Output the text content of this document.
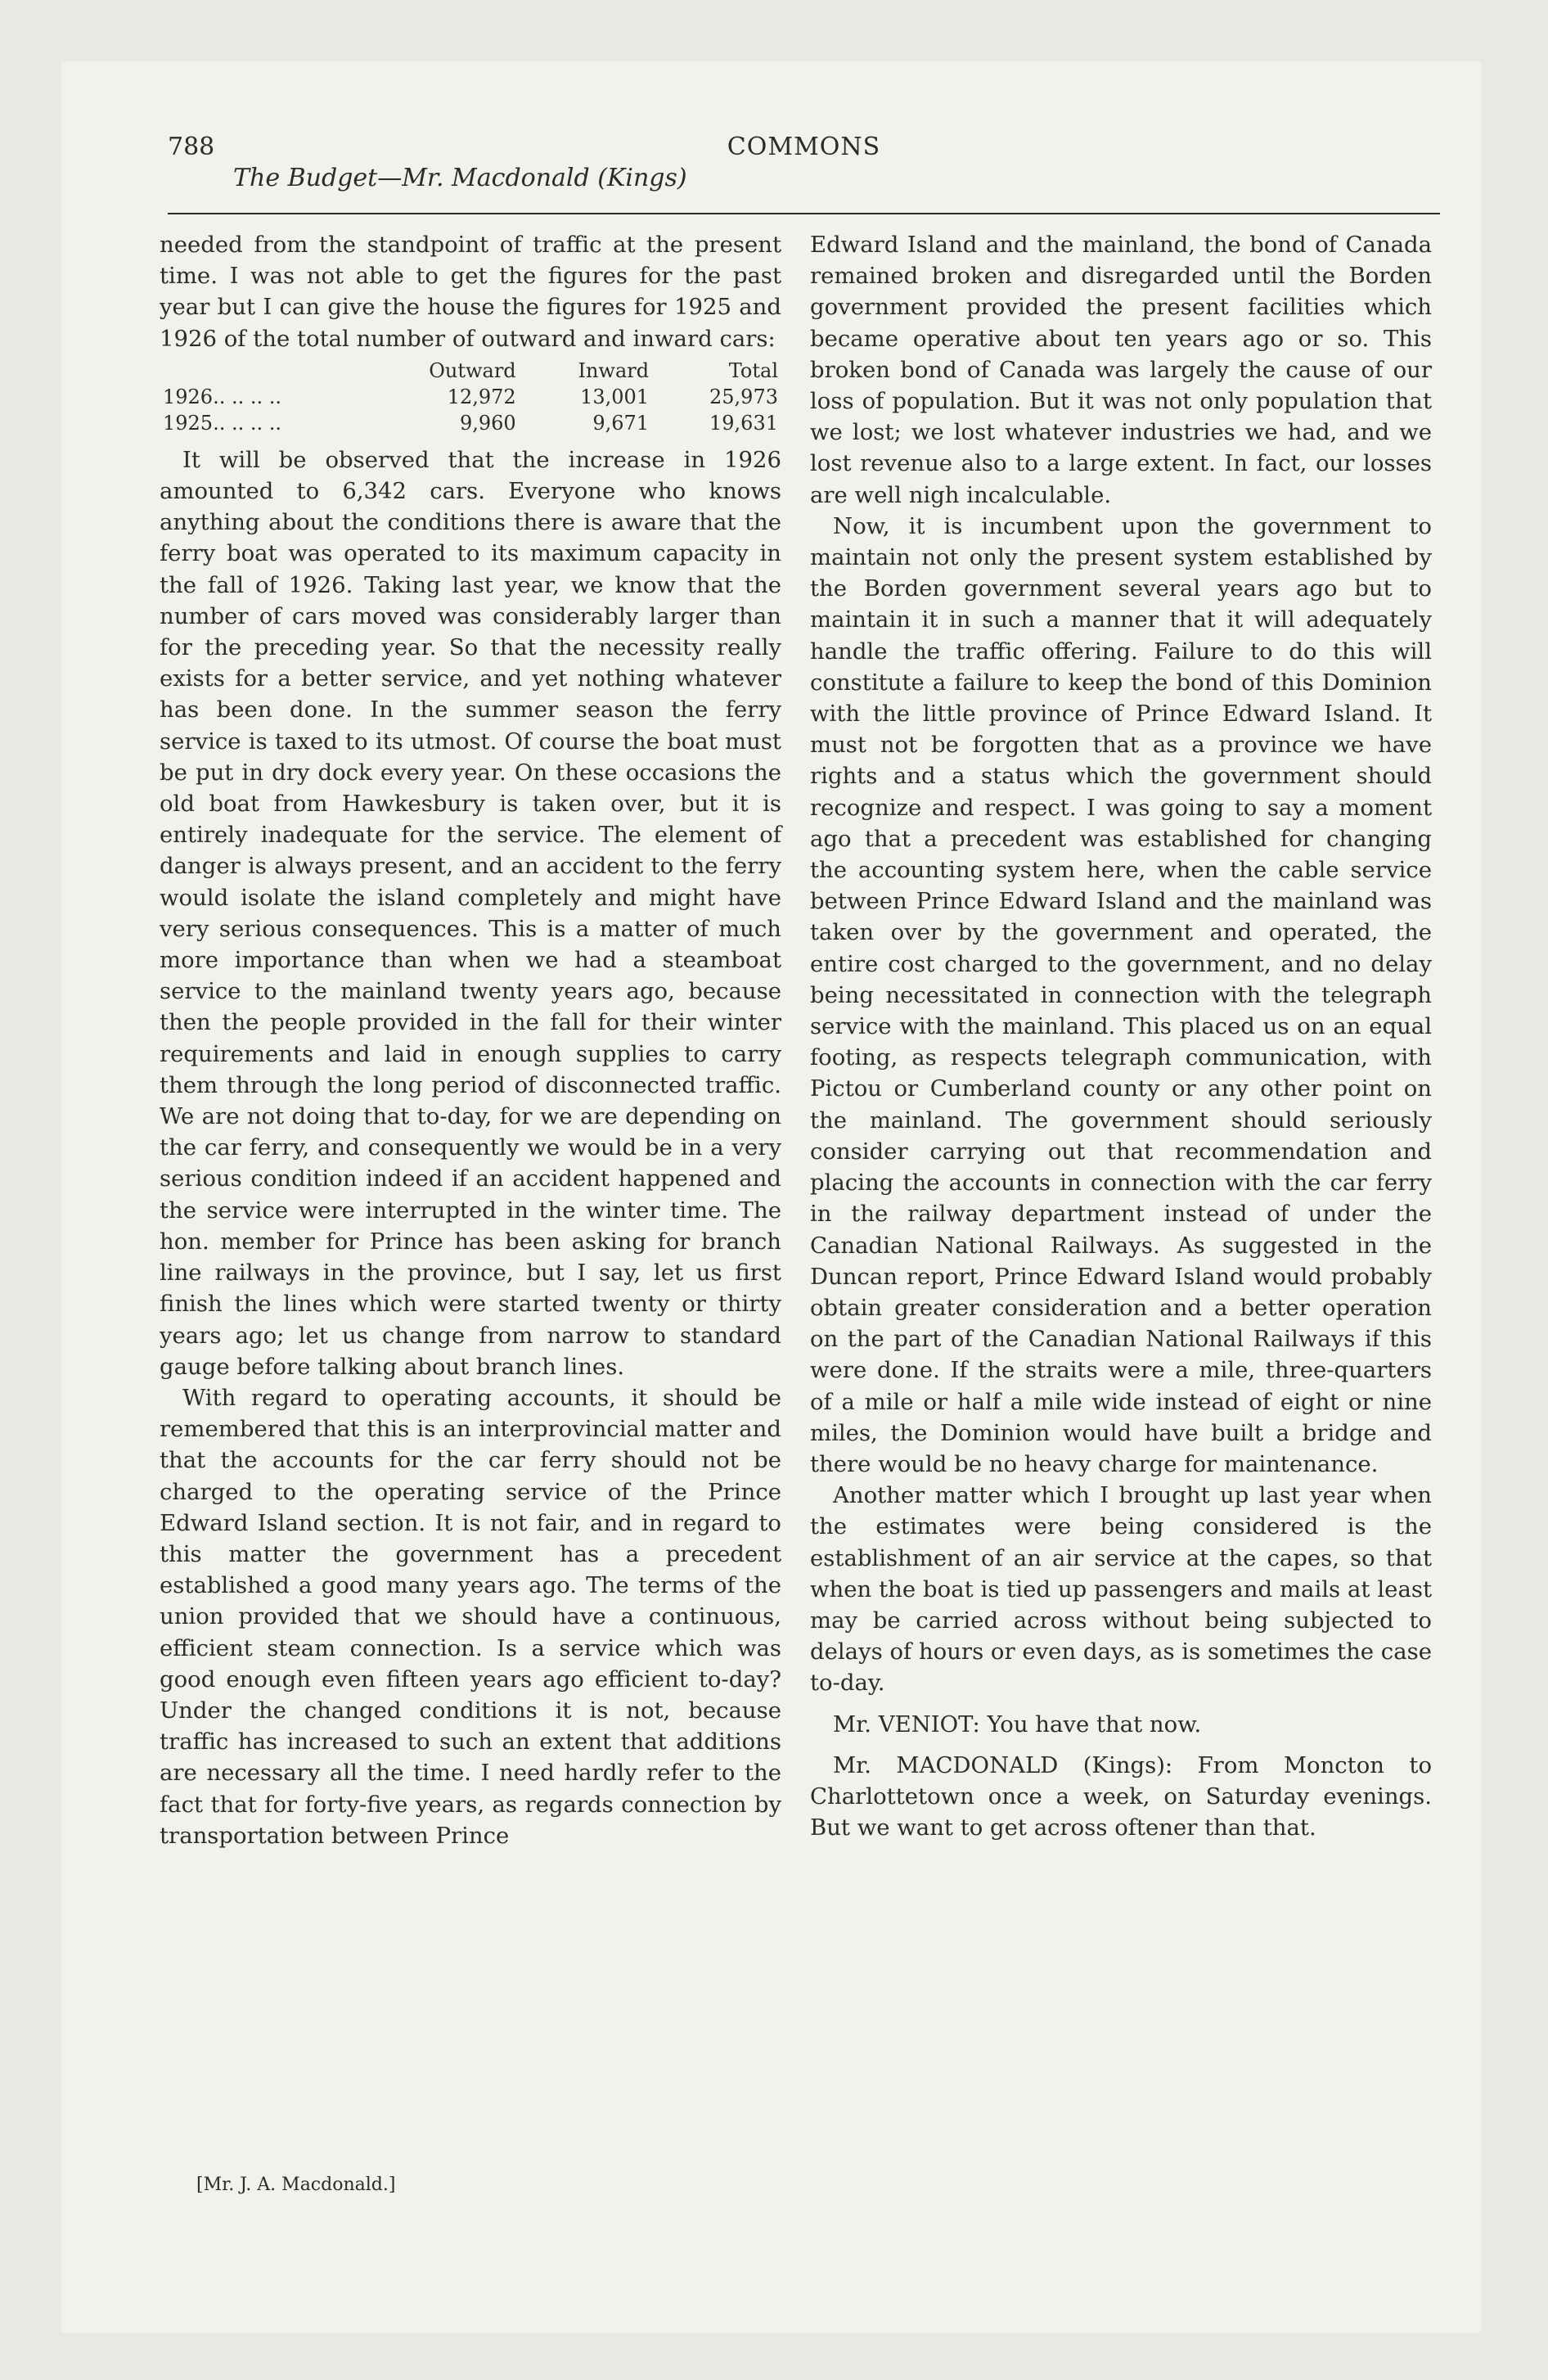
788	COMMONS
The Budget—Mr. Macdonald (Kings)

needed from the standpoint of traffic at the present time. I was not able to get the figures for the past year but I can give the house the figures for 1925 and 1926 of the total number of outward and inward cars:

	Outward	Inward	Total
1926.. .. .. ..	12,972	13,001	25,973
1925.. .. .. ..	9,960	9,671	19,631

It will be observed that the increase in 1926 amounted to 6,342 cars. Everyone who knows anything about the conditions there is aware that the ferry boat was operated to its maximum capacity in the fall of 1926. Taking last year, we know that the number of cars moved was considerably larger than for the preceding year. So that the necessity really exists for a better service, and yet nothing whatever has been done. In the summer season the ferry service is taxed to its utmost. Of course the boat must be put in dry dock every year. On these occasions the old boat from Hawkesbury is taken over, but it is entirely inadequate for the service. The element of danger is always present, and an accident to the ferry would isolate the island completely and might have very serious consequences. This is a matter of much more importance than when we had a steamboat service to the mainland twenty years ago, because then the people provided in the fall for their winter requirements and laid in enough supplies to carry them through the long period of disconnected traffic. We are not doing that to-day, for we are depending on the car ferry, and consequently we would be in a very serious condition indeed if an accident happened and the service were interrupted in the winter time. The hon. member for Prince has been asking for branch line railways in the province, but I say, let us first finish the lines which were started twenty or thirty years ago; let us change from narrow to standard gauge before talking about branch lines.

With regard to operating accounts, it should be remembered that this is an interprovincial matter and that the accounts for the car ferry should not be charged to the operating service of the Prince Edward Island section. It is not fair, and in regard to this matter the government has a precedent established a good many years ago. The terms of the union provided that we should have a continuous, efficient steam connection. Is a service which was good enough even fifteen years ago efficient to-day? Under the changed conditions it is not, because traffic has increased to such an extent that additions are necessary all the time. I need hardly refer to the fact that for forty-five years, as regards connection by transportation between Prince

Edward Island and the mainland, the bond of Canada remained broken and disregarded until the Borden government provided the present facilities which became operative about ten years ago or so. This broken bond of Canada was largely the cause of our loss of population. But it was not only population that we lost; we lost whatever industries we had, and we lost revenue also to a large extent. In fact, our losses are well nigh incalculable.

Now, it is incumbent upon the government to maintain not only the present system established by the Borden government several years ago but to maintain it in such a manner that it will adequately handle the traffic offering. Failure to do this will constitute a failure to keep the bond of this Dominion with the little province of Prince Edward Island. It must not be forgotten that as a province we have rights and a status which the government should recognize and respect. I was going to say a moment ago that a precedent was established for changing the accounting system here, when the cable service between Prince Edward Island and the mainland was taken over by the government and operated, the entire cost charged to the government, and no delay being necessitated in connection with the telegraph service with the mainland. This placed us on an equal footing, as respects telegraph communication, with Pictou or Cumberland county or any other point on the mainland. The government should seriously consider carrying out that recommendation and placing the accounts in connection with the car ferry in the railway department instead of under the Canadian National Railways. As suggested in the Duncan report, Prince Edward Island would probably obtain greater consideration and a better operation on the part of the Canadian National Railways if this were done. If the straits were a mile, three-quarters of a mile or half a mile wide instead of eight or nine miles, the Dominion would have built a bridge and there would be no heavy charge for maintenance.

Another matter which I brought up last year when the estimates were being considered is the establishment of an air service at the capes, so that when the boat is tied up passengers and mails at least may be carried across without being subjected to delays of hours or even days, as is sometimes the case to-day.

Mr. VENIOT: You have that now.

Mr. MACDONALD (Kings): From Moncton to Charlottetown once a week, on Saturday evenings. But we want to get across oftener than that.

[Mr. J. A. Macdonald.]
